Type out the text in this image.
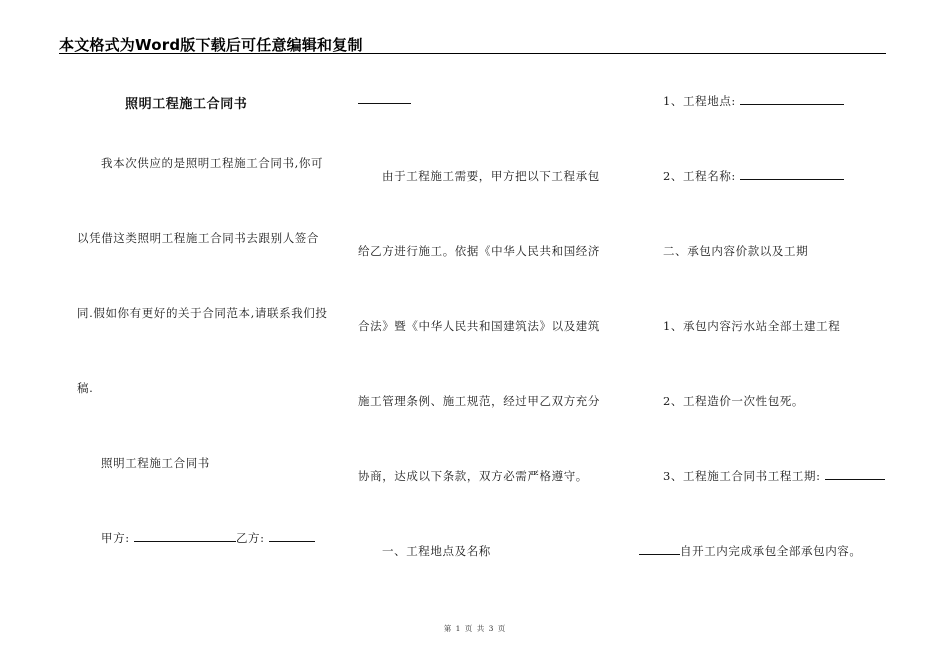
本文格式为Word版下载后可任意编辑和复制
照明工程施工合同书
我本次供应的是照明工程施工合同书,你可
以凭借这类照明工程施工合同书去跟别人签合
同.假如你有更好的关于合同范本,请联系我们投
稿.
照明工程施工合同书
甲方:	乙方:
由于工程施工需要，甲方把以下工程承包
给乙方进行施工。依据《中华人民共和国经济
合法》暨《中华人民共和国建筑法》以及建筑
施工管理条例、施工规范，经过甲乙双方充分
协商，达成以下条款，双方必需严格遵守。
一、工程地点及名称
1、工程地点:
2、工程名称:
二、承包内容价款以及工期
1、承包内容污水站全部土建工程
2、工程造价一次性包死。
3、工程施工合同书工程工期:
自开工内完成承包全部承包内容。
第 1 页 共 3 页
